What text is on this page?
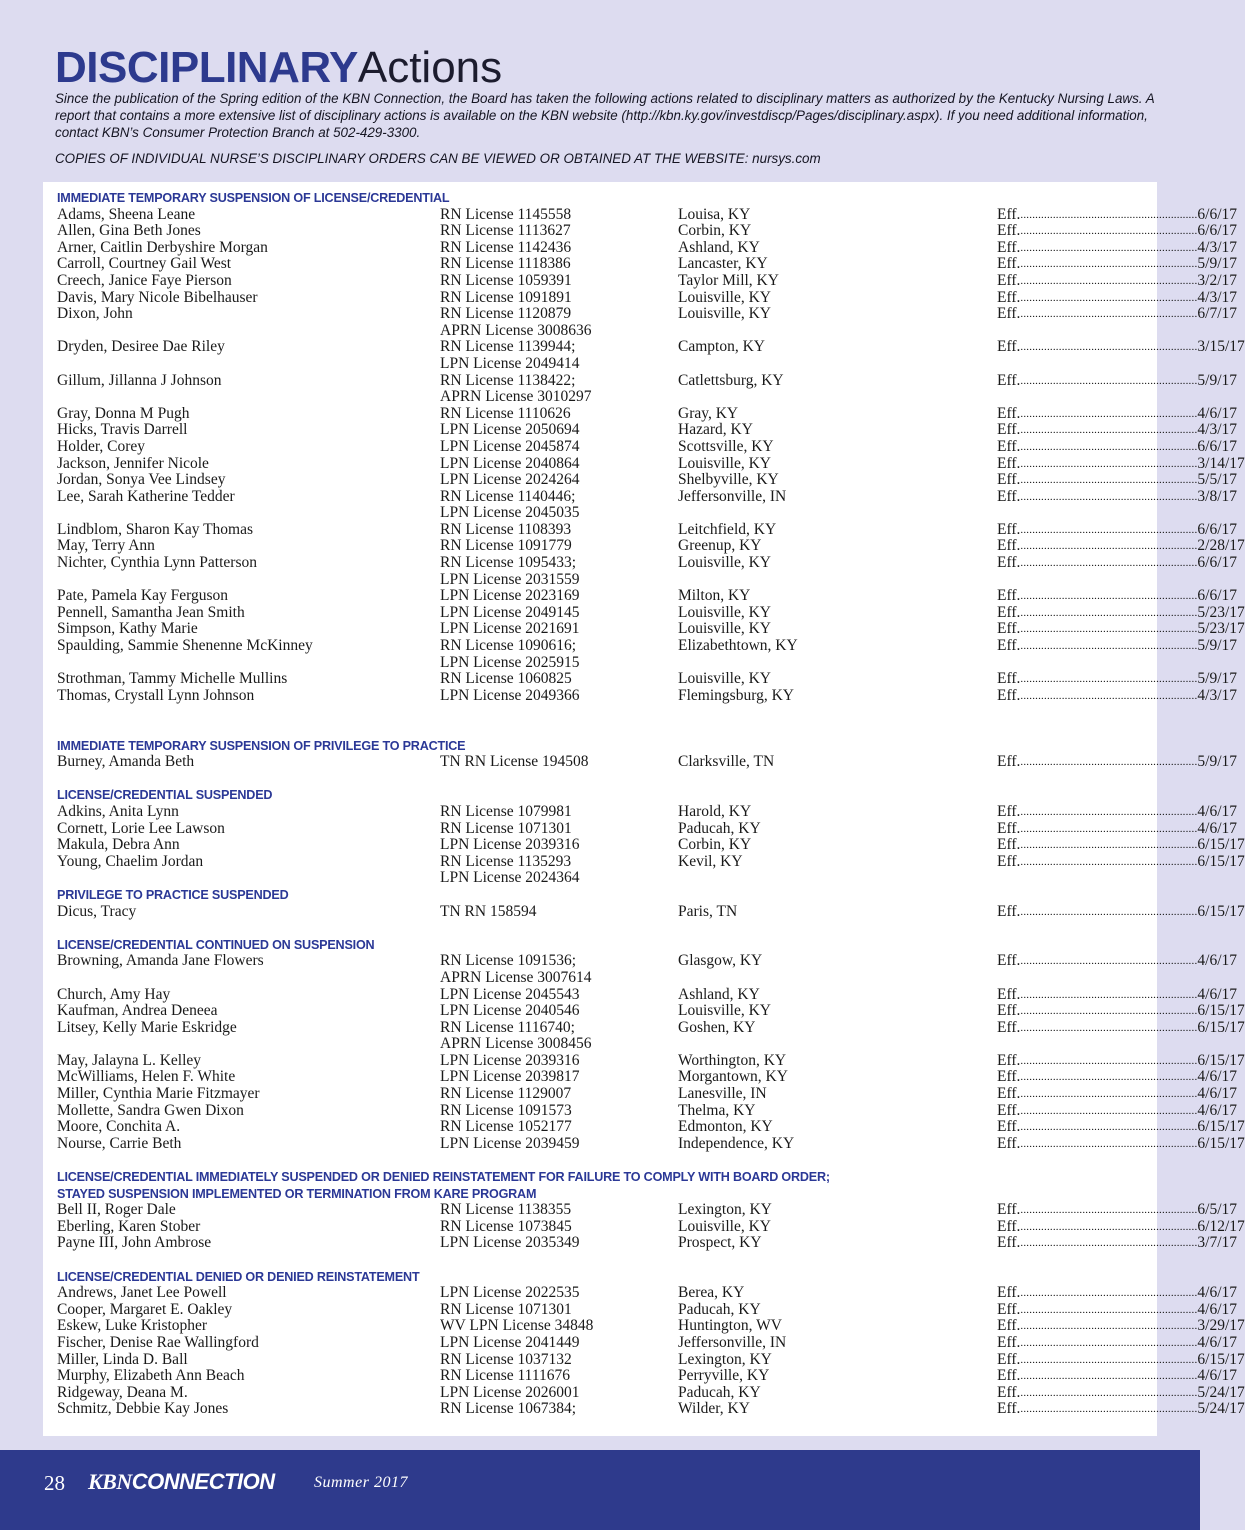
DISCIPLINARYActions
Since the publication of the Spring edition of the KBN Connection, the Board has taken the following actions related to disciplinary matters as authorized by the Kentucky Nursing Laws. A report that contains a more extensive list of disciplinary actions is available on the KBN website (http://kbn.ky.gov/investdiscp/Pages/disciplinary.aspx). If you need additional information, contact KBN’s Consumer Protection Branch at 502-429-3300.
COPIES OF INDIVIDUAL NURSE’S DISCIPLINARY ORDERS CAN BE VIEWED OR OBTAINED AT THE WEBSITE: nursys.com
IMMEDIATE TEMPORARY SUSPENSION OF LICENSE/CREDENTIAL
Adams, Sheena Leane	RN License 1145558	Louisa, KY	Eff. ............................................................ 6/6/17
Allen, Gina Beth Jones	RN License 1113627	Corbin, KY	Eff. ............................................................ 6/6/17
Arner, Caitlin Derbyshire Morgan	RN License 1142436	Ashland, KY	Eff. ............................................................ 4/3/17
Carroll, Courtney Gail West	RN License 1118386	Lancaster, KY	Eff. ............................................................ 5/9/17
Creech, Janice Faye Pierson	RN License 1059391	Taylor Mill, KY	Eff. ............................................................ 3/2/17
Davis, Mary Nicole Bibelhauser	RN License 1091891	Louisville, KY	Eff. ............................................................ 4/3/17
Dixon, John	RN License 1120879	Louisville, KY	Eff. ............................................................ 6/7/17
APRN License 3008636
Dryden, Desiree Dae Riley	RN License 1139944;	Campton, KY	Eff. ............................................................ 3/15/17
LPN License 2049414
Gillum, Jillanna J Johnson	RN License 1138422;	Catlettsburg, KY	Eff. ............................................................ 5/9/17
APRN License 3010297
Gray, Donna M Pugh	RN License 1110626	Gray, KY	Eff. ............................................................ 4/6/17
Hicks, Travis Darrell	LPN License 2050694	Hazard, KY	Eff. ............................................................ 4/3/17
Holder, Corey	LPN License 2045874	Scottsville, KY	Eff. ............................................................ 6/6/17
Jackson, Jennifer Nicole	LPN License 2040864	Louisville, KY	Eff. ............................................................ 3/14/17
Jordan, Sonya Vee Lindsey	LPN License 2024264	Shelbyville, KY	Eff. ............................................................ 5/5/17
Lee, Sarah Katherine Tedder	RN License 1140446;	Jeffersonville, IN	Eff. ............................................................ 3/8/17
LPN License 2045035
Lindblom, Sharon Kay Thomas	RN License 1108393	Leitchfield, KY	Eff. ............................................................ 6/6/17
May, Terry Ann	RN License 1091779	Greenup, KY	Eff. ............................................................ 2/28/17
Nichter, Cynthia Lynn Patterson	RN License 1095433;	Louisville, KY	Eff. ............................................................ 6/6/17
LPN License 2031559
Pate, Pamela Kay Ferguson	LPN License 2023169	Milton, KY	Eff. ............................................................ 6/6/17
Pennell, Samantha Jean Smith	LPN License 2049145	Louisville, KY	Eff. ............................................................ 5/23/17
Simpson, Kathy Marie	LPN License 2021691	Louisville, KY	Eff. ............................................................ 5/23/17
Spaulding, Sammie Shenenne McKinney	RN License 1090616;	Elizabethtown, KY	Eff. ............................................................ 5/9/17
LPN License 2025915
Strothman, Tammy Michelle Mullins	RN License 1060825	Louisville, KY	Eff. ............................................................ 5/9/17
Thomas, Crystall Lynn Johnson	LPN License 2049366	Flemingsburg, KY	Eff. ............................................................ 4/3/17
IMMEDIATE TEMPORARY SUSPENSION OF PRIVILEGE TO PRACTICE
Burney, Amanda Beth	TN RN License 194508	Clarksville, TN	Eff. ............................................................ 5/9/17
LICENSE/CREDENTIAL SUSPENDED
Adkins, Anita Lynn	RN License 1079981	Harold, KY	Eff. ............................................................ 4/6/17
Cornett, Lorie Lee Lawson	RN License 1071301	Paducah, KY	Eff. ............................................................ 4/6/17
Makula, Debra Ann	LPN License 2039316	Corbin, KY	Eff. ............................................................ 6/15/17
Young, Chaelim Jordan	RN License 1135293	Kevil, KY	Eff. ............................................................ 6/15/17
LPN License 2024364
PRIVILEGE TO PRACTICE SUSPENDED
Dicus, Tracy	TN RN 158594	Paris, TN	Eff. ............................................................ 6/15/17
LICENSE/CREDENTIAL CONTINUED ON SUSPENSION
Browning, Amanda Jane Flowers	RN License 1091536;	Glasgow, KY	Eff. ............................................................ 4/6/17
APRN License 3007614
Church, Amy Hay	LPN License 2045543	Ashland, KY	Eff. ............................................................ 4/6/17
Kaufman, Andrea Deneea	LPN License 2040546	Louisville, KY	Eff. ............................................................ 6/15/17
Litsey, Kelly Marie Eskridge	RN License 1116740;	Goshen, KY	Eff. ............................................................ 6/15/17
APRN License 3008456
May, Jalayna L. Kelley	LPN License 2039316	Worthington, KY	Eff. ............................................................ 6/15/17
McWilliams, Helen F. White	LPN License 2039817	Morgantown, KY	Eff. ............................................................ 4/6/17
Miller, Cynthia Marie Fitzmayer	RN License 1129007	Lanesville, IN	Eff. ............................................................ 4/6/17
Mollette, Sandra Gwen Dixon	RN License 1091573	Thelma, KY	Eff. ............................................................ 4/6/17
Moore, Conchita A.	RN License 1052177	Edmonton, KY	Eff. ............................................................ 6/15/17
Nourse, Carrie Beth	LPN License 2039459	Independence, KY	Eff. ............................................................ 6/15/17
LICENSE/CREDENTIAL IMMEDIATELY SUSPENDED OR DENIED REINSTATEMENT FOR FAILURE TO COMPLY WITH BOARD ORDER;
STAYED SUSPENSION IMPLEMENTED OR TERMINATION FROM KARE PROGRAM
Bell II, Roger Dale	RN License 1138355	Lexington, KY	Eff. ............................................................ 6/5/17
Eberling, Karen Stober	RN License 1073845	Louisville, KY	Eff. ............................................................ 6/12/17
Payne III, John Ambrose	LPN License 2035349	Prospect, KY	Eff. ............................................................ 3/7/17
LICENSE/CREDENTIAL DENIED OR DENIED REINSTATEMENT
Andrews, Janet Lee Powell	LPN License 2022535	Berea, KY	Eff. ............................................................ 4/6/17
Cooper, Margaret E. Oakley	RN License 1071301	Paducah, KY	Eff. ............................................................ 4/6/17
Eskew, Luke Kristopher	WV LPN License 34848	Huntington, WV	Eff. ............................................................ 3/29/17
Fischer, Denise Rae Wallingford	LPN License 2041449	Jeffersonville, IN	Eff. ............................................................ 4/6/17
Miller, Linda D. Ball	RN License 1037132	Lexington, KY	Eff. ............................................................ 6/15/17
Murphy, Elizabeth Ann Beach	RN License 1111676	Perryville, KY	Eff. ............................................................ 4/6/17
Ridgeway, Deana M.	LPN License 2026001	Paducah, KY	Eff. ............................................................ 5/24/17
Schmitz, Debbie Kay Jones	RN License 1067384;	Wilder, KY	Eff. ............................................................ 5/24/17
28 KBNCONNECTION Summer 2017
